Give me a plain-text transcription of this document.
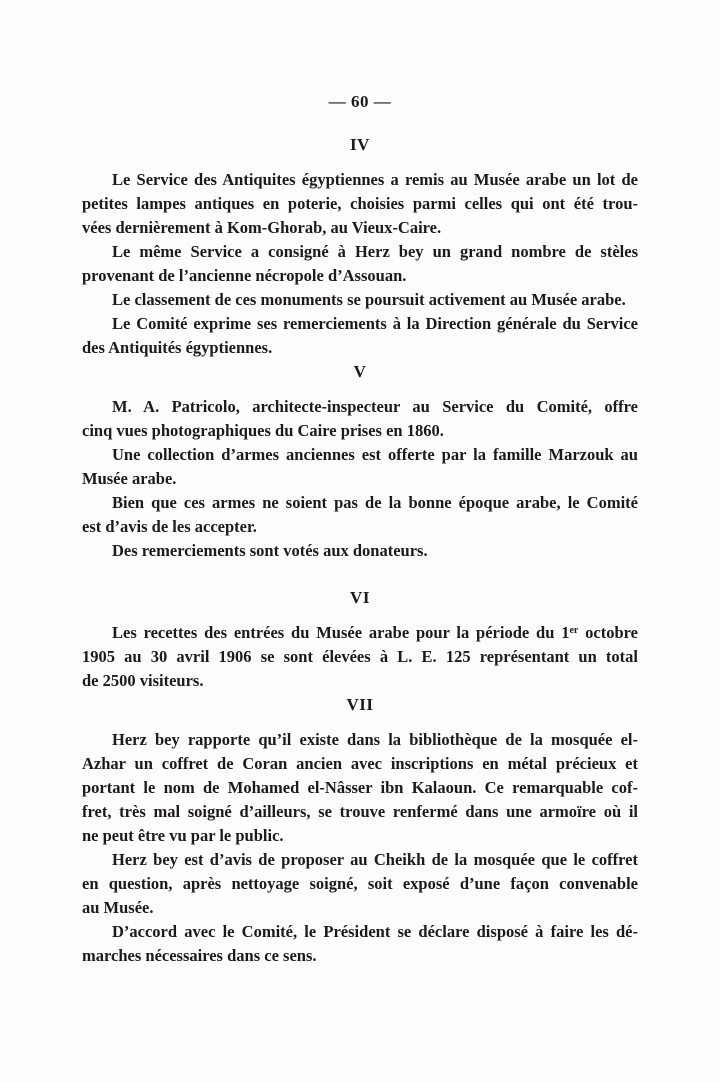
— 60 —
IV
Le Service des Antiquites égyptiennes a remis au Musée arabe un lot de
petites lampes antiques en poterie, choisies parmi celles qui ont été trou-
vées dernièrement à Kom-Ghorab, au Vieux-Caire.
Le même Service a consigné à Herz bey un grand nombre de stèles
provenant de l’ancienne nécropole d’Assouan.
Le classement de ces monuments se poursuit activement au Musée arabe.
Le Comité exprime ses remerciements à la Direction générale du Service
des Antiquités égyptiennes.
V
M. A. Patricolo, architecte-inspecteur au Service du Comité, offre
cinq vues photographiques du Caire prises en 1860.
Une collection d’armes anciennes est offerte par la famille Marzouk au
Musée arabe.
Bien que ces armes ne soient pas de la bonne époque arabe, le Comité
est d’avis de les accepter.
Des remerciements sont votés aux donateurs.
VI
Les recettes des entrées du Musée arabe pour la période du 1er octobre
1905 au 30 avril 1906 se sont élevées à L. E. 125 représentant un total
de 2500 visiteurs.
VII
Herz bey rapporte qu’il existe dans la bibliothèque de la mosquée el-
Azhar un coffret de Coran ancien avec inscriptions en métal précieux et
portant le nom de Mohamed el-Nâsser ibn Kalaoun. Ce remarquable cof-
fret, très mal soigné d’ailleurs, se trouve renfermé dans une armoïre où il
ne peut être vu par le public.
Herz bey est d’avis de proposer au Cheikh de la mosquée que le coffret
en question, après nettoyage soigné, soit exposé d’une façon convenable
au Musée.
D’accord avec le Comité, le Président se déclare disposé à faire les dé-
marches nécessaires dans ce sens.
